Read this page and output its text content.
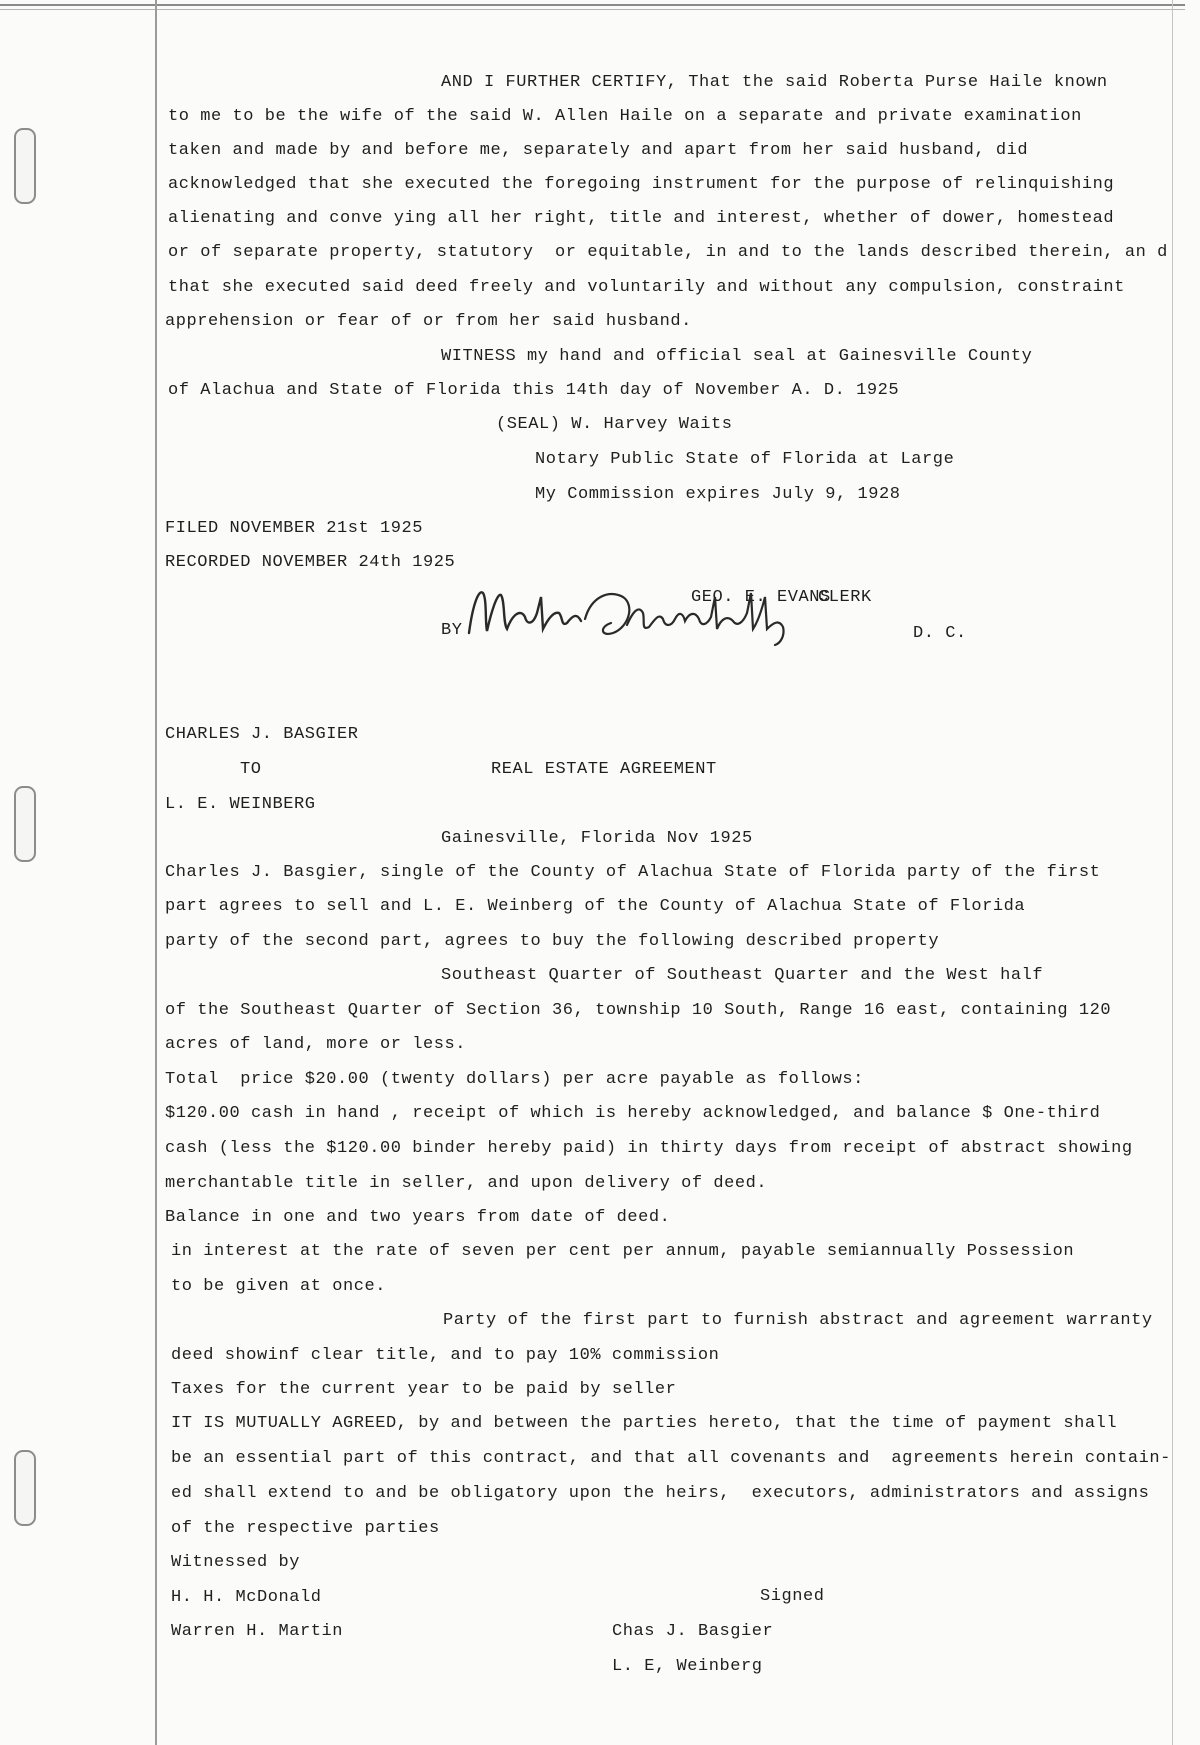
AND I FURTHER CERTIFY, That the said Roberta Purse Haile known
to me to be the wife of the said W. Allen Haile on a separate and private examination
taken and made by and before me, separately and apart from her said husband, did
acknowledged that she executed the foregoing instrument for the purpose of relinquishing
alienating and conve ying all her right, title and interest, whether of dower, homestead
or of separate property, statutory  or equitable, in and to the lands described therein, an d
that she executed said deed freely and voluntarily and without any compulsion, constraint
apprehension or fear of or from her said husband.
WITNESS my hand and official seal at Gainesville County
of Alachua and State of Florida this 14th day of November A. D. 1925
(SEAL) W. Harvey Waits
Notary Public State of Florida at Large
My Commission expires July 9, 1928
FILED NOVEMBER 21st 1925
RECORDED NOVEMBER 24th 1925
BY
GEO. E. EVANS
CLERK
D. C.
CHARLES J. BASGIER
TO	REAL ESTATE AGREEMENT
L. E. WEINBERG
Gainesville, Florida Nov 1925
Charles J. Basgier, single of the County of Alachua State of Florida party of the first
part agrees to sell and L. E. Weinberg of the County of Alachua State of Florida
party of the second part, agrees to buy the following described property
Southeast Quarter of Southeast Quarter and the West half
of the Southeast Quarter of Section 36, township 10 South, Range 16 east, containing 120
acres of land, more or less.
Total  price $20.00 (twenty dollars) per acre payable as follows:
$120.00 cash in hand , receipt of which is hereby acknowledged, and balance $ One-third
cash (less the $120.00 binder hereby paid) in thirty days from receipt of abstract showing
merchantable title in seller, and upon delivery of deed.
Balance in one and two years from date of deed.
in interest at the rate of seven per cent per annum, payable semiannually Possession
to be given at once.
Party of the first part to furnish abstract and agreement warranty
deed showinf clear title, and to pay 10% commission
Taxes for the current year to be paid by seller
IT IS MUTUALLY AGREED, by and between the parties hereto, that the time of payment shall
be an essential part of this contract, and that all covenants and  agreements herein contain-
ed shall extend to and be obligatory upon the heirs,  executors, administrators and assigns
of the respective parties
Witnessed by
Signed
H. H. McDonald
Warren H. Martin	Chas J. Basgier
L. E, Weinberg
